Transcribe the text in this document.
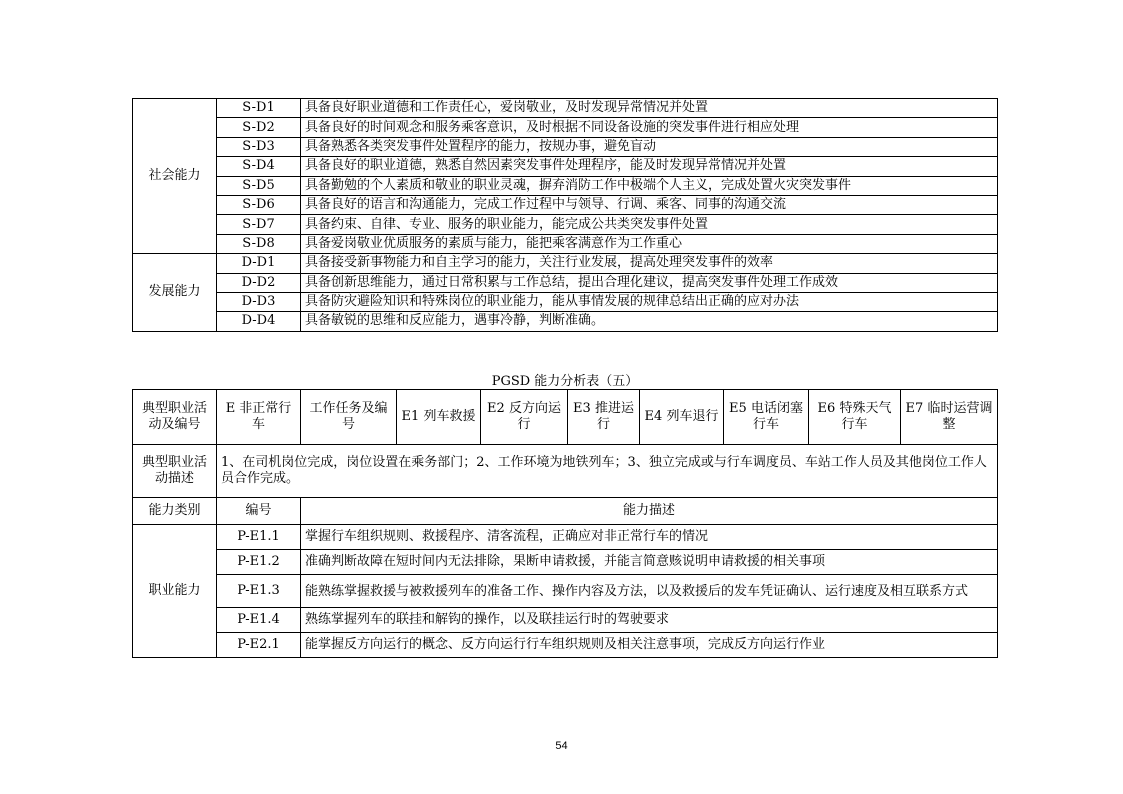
社会能力	S-D1	具备良好职业道德和工作责任心，爱岗敬业，及时发现异常情况并处置
	S-D2	具备良好的时间观念和服务乘客意识，及时根据不同设备设施的突发事件进行相应处理
	S-D3	具备熟悉各类突发事件处置程序的能力，按规办事，避免盲动
	S-D4	具备良好的职业道德，熟悉自然因素突发事件处理程序，能及时发现异常情况并处置
	S-D5	具备勤勉的个人素质和敬业的职业灵魂，摒弃消防工作中极端个人主义，完成处置火灾突发事件
	S-D6	具备良好的语言和沟通能力，完成工作过程中与领导、行调、乘客、同事的沟通交流
	S-D7	具备约束、自律、专业、服务的职业能力，能完成公共类突发事件处置
	S-D8	具备爱岗敬业优质服务的素质与能力，能把乘客满意作为工作重心
发展能力	D-D1	具备接受新事物能力和自主学习的能力，关注行业发展，提高处理突发事件的效率
	D-D2	具备创新思维能力，通过日常积累与工作总结，提出合理化建议，提高突发事件处理工作成效
	D-D3	具备防灾避险知识和特殊岗位的职业能力，能从事情发展的规律总结出正确的应对办法
	D-D4	具备敏锐的思维和反应能力，遇事冷静，判断准确。
PGSD 能力分析表（五）
典型职业活动及编号	E 非正常行车	工作任务及编号	E1 列车救援	E2 反方向运行	E3 推进运行	E4 列车退行	E5 电话闭塞行车	E6 特殊天气行车	E7 临时运营调整
典型职业活动描述	1、在司机岗位完成，岗位设置在乘务部门；2、工作环境为地铁列车；3、独立完成或与行车调度员、车站工作人员及其他岗位工作人员合作完成。								
能力类别	编号	能力描述							
职业能力	P-E1.1	掌握行车组织规则、救援程序、清客流程，正确应对非正常行车的情况							
	P-E1.2	准确判断故障在短时间内无法排除，果断申请救援，并能言简意赅说明申请救援的相关事项							
	P-E1.3	能熟练掌握救援与被救援列车的准备工作、操作内容及方法，以及救援后的发车凭证确认、运行速度及相互联系方式							
	P-E1.4	熟练掌握列车的联挂和解钩的操作，以及联挂运行时的驾驶要求							
	P-E2.1	能掌握反方向运行的概念、反方向运行行车组织规则及相关注意事项，完成反方向运行作业							
54
